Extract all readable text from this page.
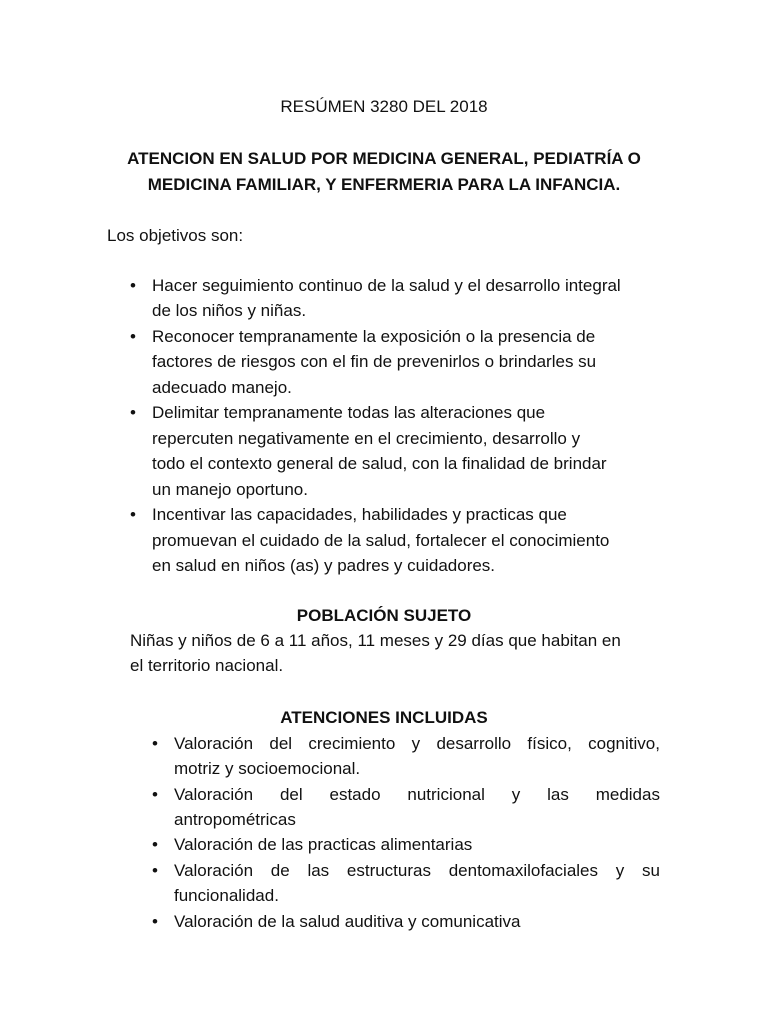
RESÚMEN 3280 DEL 2018
ATENCION EN SALUD POR MEDICINA GENERAL, PEDIATRÍA O
MEDICINA FAMILIAR, Y ENFERMERIA PARA LA INFANCIA.
Los objetivos son:
• Hacer seguimiento continuo de la salud y el desarrollo integral
de los niños y niñas.
• Reconocer tempranamente la exposición o la presencia de
factores de riesgos con el fin de prevenirlos o brindarles su
adecuado manejo.
• Delimitar tempranamente todas las alteraciones que
repercuten negativamente en el crecimiento, desarrollo y
todo el contexto general de salud, con la finalidad de brindar
un manejo oportuno.
• Incentivar las capacidades, habilidades y practicas que
promuevan el cuidado de la salud, fortalecer el conocimiento
en salud en niños (as) y padres y cuidadores.
POBLACIÓN SUJETO
Niñas y niños de 6 a 11 años, 11 meses y 29 días que habitan en
el territorio nacional.
ATENCIONES INCLUIDAS
• Valoración del crecimiento y desarrollo físico, cognitivo,
motriz y socioemocional.
• Valoración del estado nutricional y las medidas
antropométricas
• Valoración de las practicas alimentarias
• Valoración de las estructuras dentomaxilofaciales y su
funcionalidad.
• Valoración de la salud auditiva y comunicativa
